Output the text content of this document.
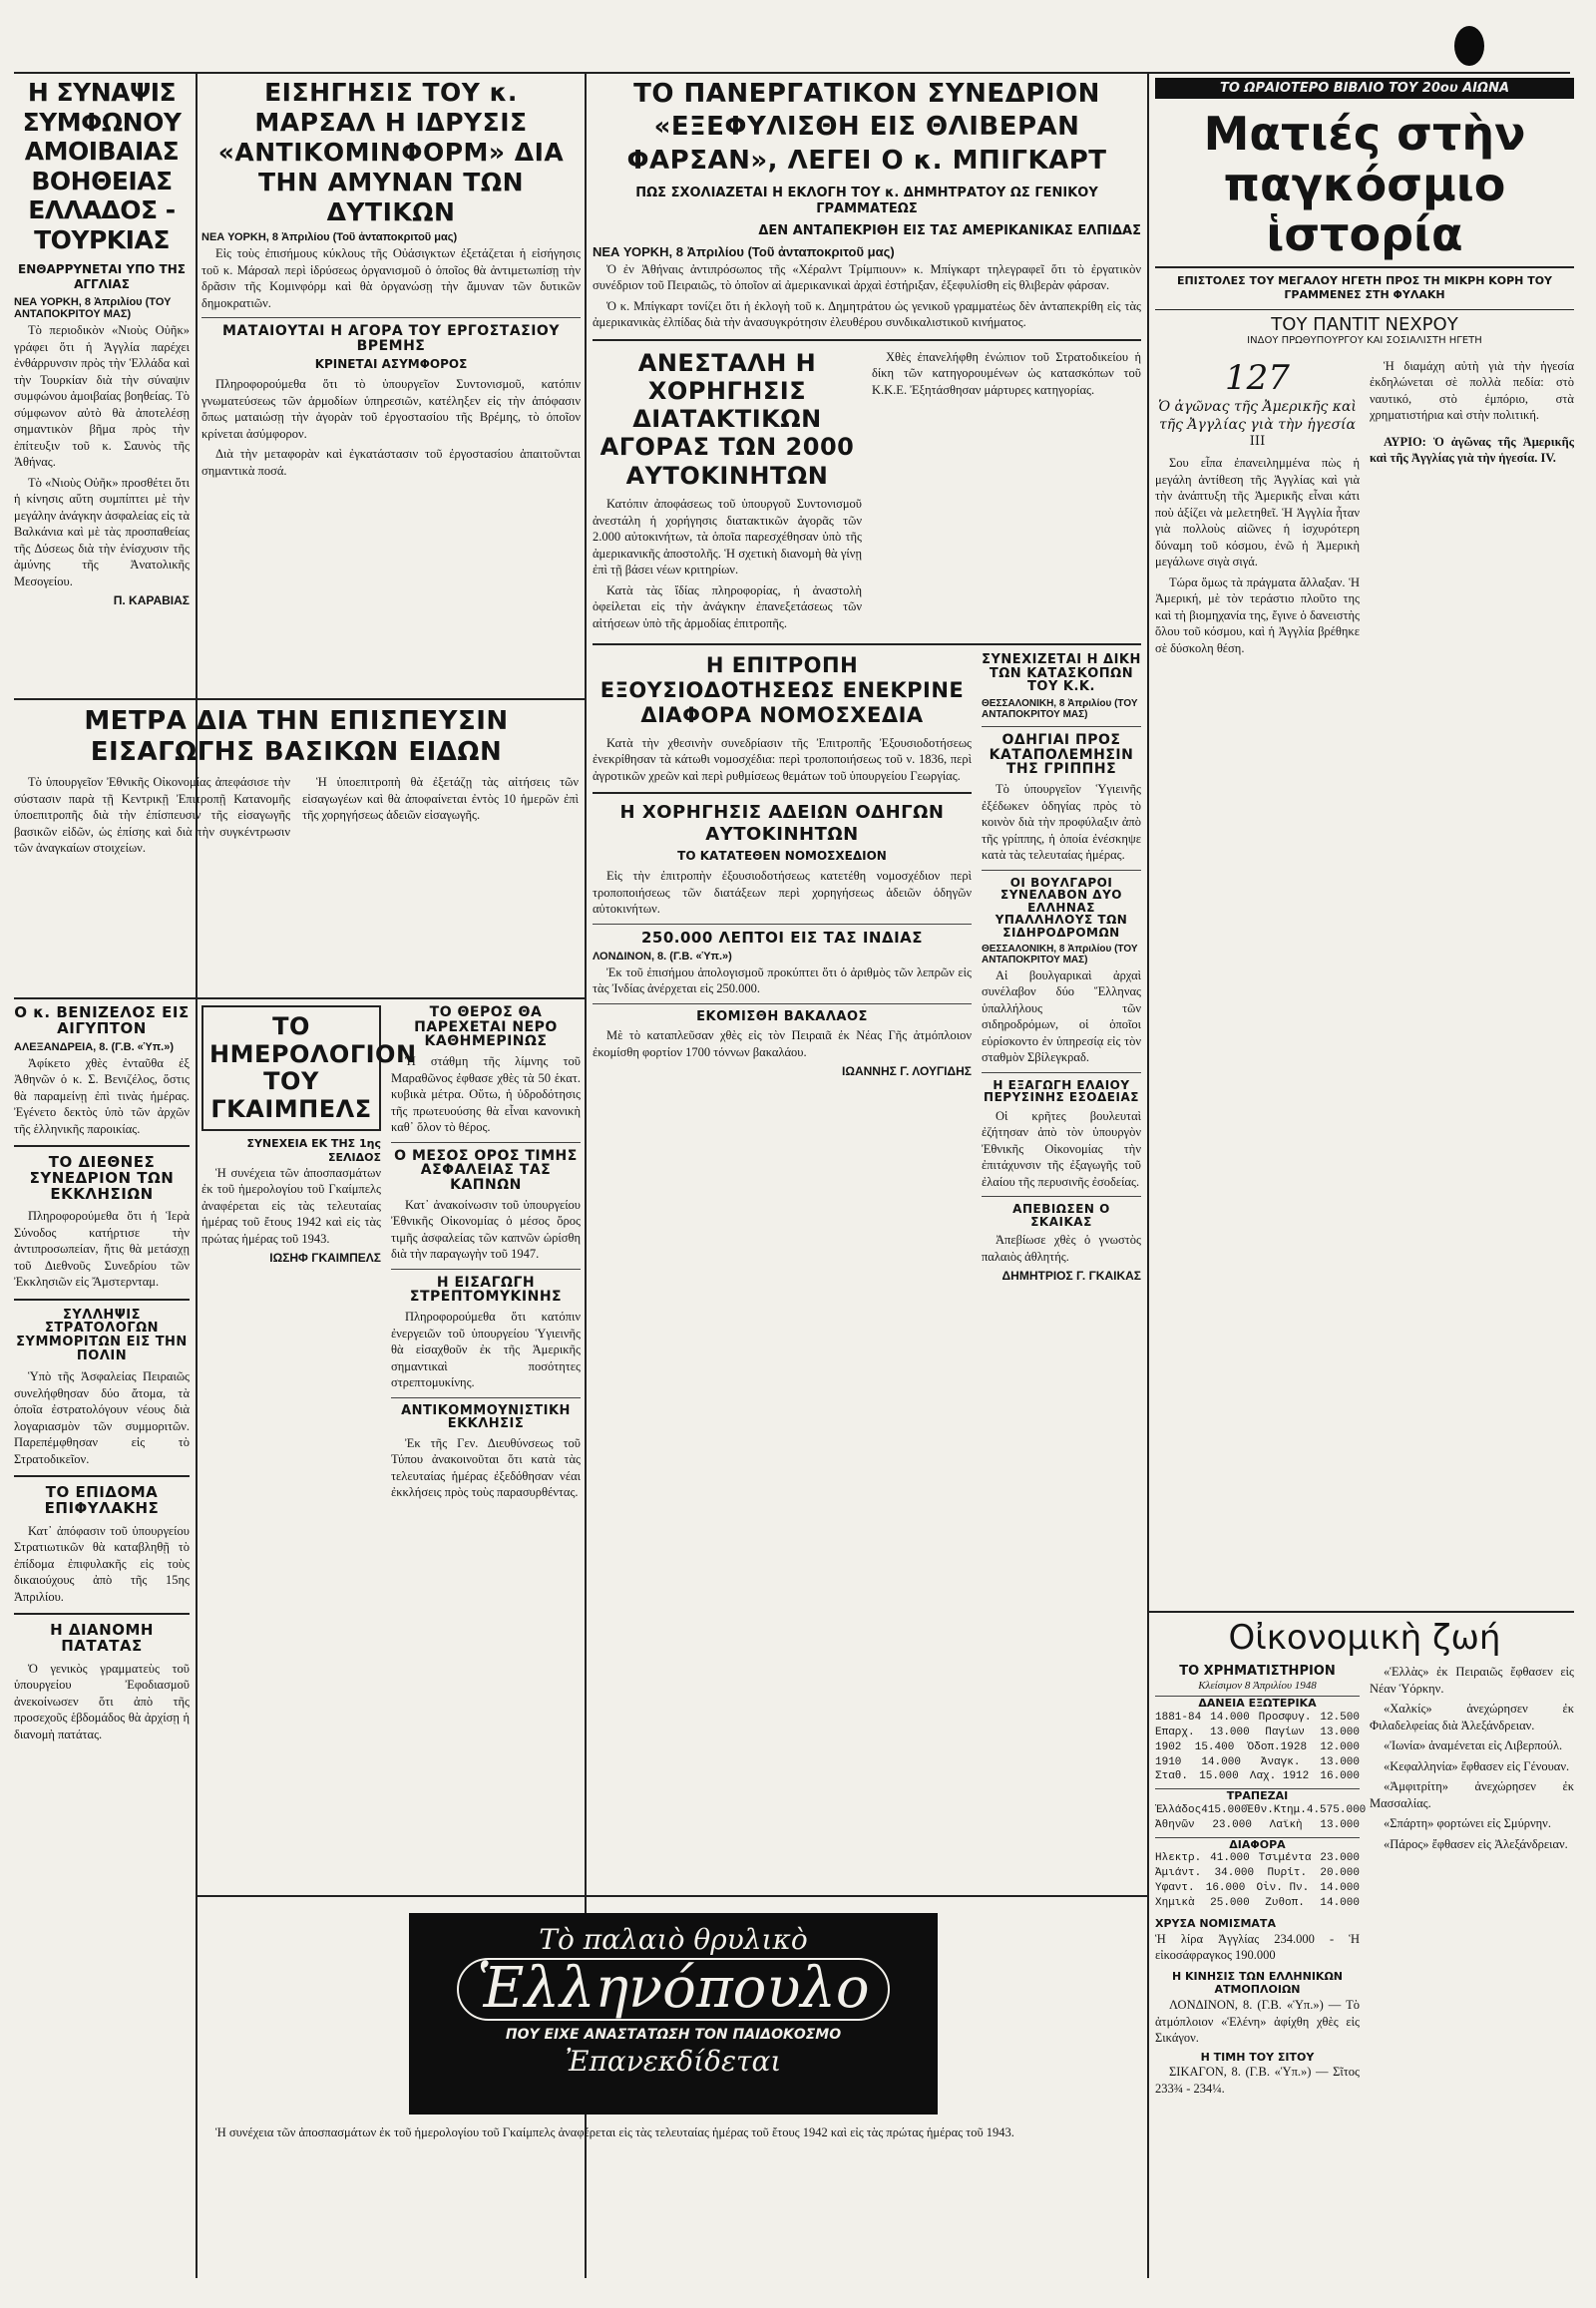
Η ΣΥΝΑΨΙΣ ΣΥΜΦΩΝΟΥ ΑΜΟΙΒΑΙΑΣ ΒΟΗΘΕΙΑΣ ΕΛΛΑΔΟΣ - ΤΟΥΡΚΙΑΣ
ΕΝΘΑΡΡΥΝΕΤΑΙ ΥΠΟ ΤΗΣ ΑΓΓΛΙΑΣ
ΝΕΑ ΥΟΡΚΗ, 8 Ἀπριλίου (ΤΟΥ ΑΝΤΑΠΟΚΡΙΤΟΥ ΜΑΣ)

Τὸ περιοδικὸν «Νιοὺς Οὐῆκ» γράφει ὅτι ἡ Ἀγγλία παρέχει ἐνθάρρυνσιν πρὸς τὴν Ἑλλάδα καὶ τὴν Τουρκίαν διὰ τὴν σύναψιν συμφώνου ἀμοιβαίας βοηθείας. Τὸ σύμφωνον αὐτὸ θὰ ἀποτελέσῃ σημαντικὸν βῆμα πρὸς τὴν ἐπίτευξιν τοῦ κ. Σαυνὸς τῆς Ἀθήνας.

Τὸ «Νιοὺς Οὐῆκ» προσθέτει ὅτι ἡ κίνησις αὕτη συμπίπτει μὲ τὴν μεγάλην ἀνάγκην ἀσφαλείας εἰς τὰ Βαλκάνια καὶ μὲ τὰς προσπαθείας τῆς Δύσεως διὰ τὴν ἐνίσχυσιν τῆς ἀμύνης τῆς Ἀνατολικῆς Μεσογείου.

Π. ΚΑΡΑΒΙΑΣ
ΜΕΤΡΑ ΔΙΑ ΤΗΝ ΕΠΙΣΠΕΥΣΙΝ ΕΙΣΑΓΩΓΗΣ ΒΑΣΙΚΩΝ ΕΙΔΩΝ

Τὸ ὑπουργεῖον Ἐθνικῆς Οἰκονομίας ἀπεφάσισε τὴν σύστασιν παρὰ τῇ Κεντρικῇ Ἐπιτροπῇ Κατανομῆς ὑποεπιτροπῆς διὰ τὴν ἐπίσπευσιν τῆς εἰσαγωγῆς βασικῶν εἰδῶν, ὡς ἐπίσης καὶ διὰ τὴν συγκέντρωσιν τῶν ἀναγκαίων στοιχείων.

Ἡ ὑποεπιτροπὴ θὰ ἐξετάζῃ τὰς αἰτήσεις τῶν εἰσαγωγέων καὶ θὰ ἀποφαίνεται ἐντὸς 10 ἡμερῶν ἐπὶ τῆς χορηγήσεως ἀδειῶν εἰσαγωγῆς.

Ο κ. ΒΕΝΙΖΕΛΟΣ ΕΙΣ ΑΙΓΥΠΤΟΝ
ΑΛΕΞΑΝΔΡΕΙΑ, 8. (Γ.Β. «Ὑπ.»)

Ἀφίκετο χθὲς ἐνταῦθα ἐξ Ἀθηνῶν ὁ κ. Σ. Βενιζέλος, ὅστις θὰ παραμείνῃ ἐπὶ τινὰς ἡμέρας. Ἐγένετο δεκτὸς ὑπὸ τῶν ἀρχῶν τῆς ἑλληνικῆς παροικίας.

ΤΟ ΔΙΕΘΝΕΣ ΣΥΝΕΔΡΙΟΝ ΤΩΝ ΕΚΚΛΗΣΙΩΝ

Πληροφορούμεθα ὅτι ἡ Ἱερὰ Σύνοδος κατήρτισε τὴν ἀντιπροσωπείαν, ἥτις θὰ μετάσχῃ τοῦ Διεθνοῦς Συνεδρίου τῶν Ἐκκλησιῶν εἰς Ἄμστερνταμ.

ΣΥΛΛΗΨΙΣ ΣΤΡΑΤΟΛΟΓΩΝ ΣΥΜΜΟΡΙΤΩΝ ΕΙΣ ΤΗΝ ΠΟΛΙΝ

Ὑπὸ τῆς Ἀσφαλείας Πειραιῶς συνελήφθησαν δύο ἄτομα, τὰ ὁποῖα ἐστρατολόγουν νέους διὰ λογαριασμὸν τῶν συμμοριτῶν. Παρεπέμφθησαν εἰς τὸ Στρατοδικεῖον.

ΤΟ ΕΠΙΔΟΜΑ ΕΠΙΦΥΛΑΚΗΣ

Κατ᾽ ἀπόφασιν τοῦ ὑπουργείου Στρατιωτικῶν θὰ καταβληθῇ τὸ ἐπίδομα ἐπιφυλακῆς εἰς τοὺς δικαιούχους ἀπὸ τῆς 15ης Ἀπριλίου.

Η ΔΙΑΝΟΜΗ ΠΑΤΑΤΑΣ

Ὁ γενικὸς γραμματεὺς τοῦ ὑπουργείου Ἐφοδιασμοῦ ἀνεκοίνωσεν ὅτι ἀπὸ τῆς προσεχοῦς ἑβδομάδος θὰ ἀρχίσῃ ἡ διανομὴ πατάτας.

ΕΙΣΗΓΗΣΙΣ ΤΟΥ κ. ΜΑΡΣΑΛ Η ΙΔΡΥΣΙΣ «ΑΝΤΙΚΟΜΙΝΦΟΡΜ» ΔΙΑ ΤΗΝ ΑΜΥΝΑΝ ΤΩΝ ΔΥΤΙΚΩΝ
ΝΕΑ ΥΟΡΚΗ, 8 Ἀπριλίου (Τοῦ ἀνταποκριτοῦ μας)

Εἰς τοὺς ἐπισήμους κύκλους τῆς Οὐάσιγκτων ἐξετάζεται ἡ εἰσήγησις τοῦ κ. Μάρσαλ περὶ ἱδρύσεως ὀργανισμοῦ ὁ ὁποῖος θὰ ἀντιμετωπίσῃ τὴν δρᾶσιν τῆς Κομινφόρμ καὶ θὰ ὀργανώσῃ τὴν ἄμυναν τῶν δυτικῶν δημοκρατιῶν.

ΜΑΤΑΙΟΥΤΑΙ Η ΑΓΟΡΑ ΤΟΥ ΕΡΓΟΣΤΑΣΙΟΥ ΒΡΕΜΗΣ
ΚΡΙΝΕΤΑΙ ΑΣΥΜΦΟΡΟΣ

Πληροφορούμεθα ὅτι τὸ ὑπουργεῖον Συντονισμοῦ, κατόπιν γνωματεύσεως τῶν ἁρμοδίων ὑπηρεσιῶν, κατέληξεν εἰς τὴν ἀπόφασιν ὅπως ματαιώσῃ τὴν ἀγορὰν τοῦ ἐργοστασίου τῆς Βρέμης, τὸ ὁποῖον κρίνεται ἀσύμφορον.

Διὰ τὴν μεταφορὰν καὶ ἐγκατάστασιν τοῦ ἐργοστασίου ἀπαιτοῦνται σημαντικὰ ποσά.

ΤΟ ΗΜΕΡΟΛΟΓΙΟΝ ΤΟΥ ΓΚΑΙΜΠΕΛΣ
ΣΥΝΕΧΕΙΑ ΕΚ ΤΗΣ 1ης ΣΕΛΙΔΟΣ

Ἡ συνέχεια τῶν ἀποσπασμάτων ἐκ τοῦ ἡμερολογίου τοῦ Γκαίμπελς ἀναφέρεται εἰς τὰς τελευταίας ἡμέρας τοῦ ἔτους 1942 καὶ εἰς τὰς πρώτας ἡμέρας τοῦ 1943.

ΙΩΣΗΦ ΓΚΑΙΜΠΕΛΣ
ΤΟ ΘΕΡΟΣ ΘΑ ΠΑΡΕΧΕΤΑΙ ΝΕΡΟ ΚΑΘΗΜΕΡΙΝΩΣ

Ἡ στάθμη τῆς λίμνης τοῦ Μαραθῶνος ἐφθασε χθὲς τὰ 50 ἑκατ. κυβικὰ μέτρα. Οὕτω, ἡ ὑδροδότησις τῆς πρωτευούσης θὰ εἶναι κανονικὴ καθ᾽ ὅλον τὸ θέρος.

Ο ΜΕΣΟΣ ΟΡΟΣ ΤΙΜΗΣ ΑΣΦΑΛΕΙΑΣ ΤΑΣ ΚΑΠΝΩΝ

Κατ᾽ ἀνακοίνωσιν τοῦ ὑπουργείου Ἐθνικῆς Οἰκονομίας ὁ μέσος ὅρος τιμῆς ἀσφαλείας τῶν καπνῶν ὡρίσθη διὰ τὴν παραγωγὴν τοῦ 1947.

Η ΕΙΣΑΓΩΓΗ ΣΤΡΕΠΤΟΜΥΚΙΝΗΣ

Πληροφορούμεθα ὅτι κατόπιν ἐνεργειῶν τοῦ ὑπουργείου Ὑγιεινῆς θὰ εἰσαχθοῦν ἐκ τῆς Ἀμερικῆς σημαντικαὶ ποσότητες στρεπτομυκίνης.

ΑΝΤΙΚΟΜΜΟΥΝΙΣΤΙΚΗ ΕΚΚΛΗΣΙΣ

Ἐκ τῆς Γεν. Διευθύνσεως τοῦ Τύπου ἀνακοινοῦται ὅτι κατὰ τὰς τελευταίας ἡμέρας ἐξεδόθησαν νέαι ἐκκλήσεις πρὸς τοὺς παρασυρθέντας.

ΤΟ ΠΑΝΕΡΓΑΤΙΚΟΝ ΣΥΝΕΔΡΙΟΝ «ΕΞΕΦΥΛΙΣΘΗ ΕΙΣ ΘΛΙΒΕΡΑΝ ΦΑΡΣΑΝ», ΛΕΓΕΙ Ο κ. ΜΠΙΓΚΑΡΤ
ΠΩΣ ΣΧΟΛΙΑΖΕΤΑΙ Η ΕΚΛΟΓΗ ΤΟΥ κ. ΔΗΜΗΤΡΑΤΟΥ ΩΣ ΓΕΝΙΚΟΥ ΓΡΑΜΜΑΤΕΩΣ
ΔΕΝ ΑΝΤΑΠΕΚΡΙΘΗ ΕΙΣ ΤΑΣ ΑΜΕΡΙΚΑΝΙΚΑΣ ΕΛΠΙΔΑΣ
ΝΕΑ ΥΟΡΚΗ, 8 Ἀπριλίου (Τοῦ ἀνταποκριτοῦ μας)

Ὁ ἐν Ἀθήναις ἀντιπρόσωπος τῆς «Χέραλντ Τρίμπιουν» κ. Μπίγκαρτ τηλεγραφεῖ ὅτι τὸ ἐργατικὸν συνέδριον τοῦ Πειραιῶς, τὸ ὁποῖον αἱ ἀμερικανικαὶ ἀρχαὶ ἐστήριξαν, ἐξεφυλίσθη εἰς θλιβερὰν φάρσαν.

Ὁ κ. Μπίγκαρτ τονίζει ὅτι ἡ ἐκλογὴ τοῦ κ. Δημητράτου ὡς γενικοῦ γραμματέως δὲν ἀνταπεκρίθη εἰς τὰς ἀμερικανικὰς ἐλπίδας διὰ τὴν ἀνασυγκρότησιν ἐλευθέρου συνδικαλιστικοῦ κινήματος.

ΑΝΕΣΤΑΛΗ Η ΧΟΡΗΓΗΣΙΣ ΔΙΑΤΑΚΤΙΚΩΝ ΑΓΟΡΑΣ ΤΩΝ 2000 ΑΥΤΟΚΙΝΗΤΩΝ

Κατόπιν ἀποφάσεως τοῦ ὑπουργοῦ Συντονισμοῦ ἀνεστάλη ἡ χορήγησις διατακτικῶν ἀγορᾶς τῶν 2.000 αὐτοκινήτων, τὰ ὁποῖα παρεσχέθησαν ὑπὸ τῆς ἀμερικανικῆς ἀποστολῆς. Ἡ σχετικὴ διανομὴ θὰ γίνῃ ἐπὶ τῇ βάσει νέων κριτηρίων.

Κατὰ τὰς ἴδίας πληροφορίας, ἡ ἀναστολὴ ὀφείλεται εἰς τὴν ἀνάγκην ἐπανεξετάσεως τῶν αἰτήσεων ὑπὸ τῆς ἁρμοδίας ἐπιτροπῆς.

Χθὲς ἐπανελήφθη ἐνώπιον τοῦ Στρατοδικείου ἡ δίκη τῶν κατηγορουμένων ὡς κατασκόπων τοῦ Κ.Κ.Ε. Ἐξητάσθησαν μάρτυρες κατηγορίας.

Η ΕΠΙΤΡΟΠΗ ΕΞΟΥΣΙΟΔΟΤΗΣΕΩΣ ΕΝΕΚΡΙΝΕ ΔΙΑΦΟΡΑ ΝΟΜΟΣΧΕΔΙΑ

Κατὰ τὴν χθεσινὴν συνεδρίασιν τῆς Ἐπιτροπῆς Ἐξουσιοδοτήσεως ἐνεκρίθησαν τὰ κάτωθι νομοσχέδια: περὶ τροποποιήσεως τοῦ ν. 1836, περὶ ἀγροτικῶν χρεῶν καὶ περὶ ρυθμίσεως θεμάτων τοῦ ὑπουργείου Γεωργίας.

Η ΧΟΡΗΓΗΣΙΣ ΑΔΕΙΩΝ ΟΔΗΓΩΝ ΑΥΤΟΚΙΝΗΤΩΝ
ΤΟ ΚΑΤΑΤΕΘΕΝ ΝΟΜΟΣΧΕΔΙΟΝ

Εἰς τὴν ἐπιτροπὴν ἐξουσιοδοτήσεως κατετέθη νομοσχέδιον περὶ τροποποιήσεως τῶν διατάξεων περὶ χορηγήσεως ἀδειῶν ὁδηγῶν αὐτοκινήτων.

250.000 ΛΕΠΤΟΙ ΕΙΣ ΤΑΣ ΙΝΔΙΑΣ
ΛΟΝΔΙΝΟΝ, 8. (Γ.Β. «Ὑπ.»)

Ἐκ τοῦ ἐπισήμου ἀπολογισμοῦ προκύπτει ὅτι ὁ ἀριθμὸς τῶν λεπρῶν εἰς τὰς Ἰνδίας ἀνέρχεται εἰς 250.000.

ΕΚΟΜΙΣΘΗ ΒΑΚΑΛΑΟΣ

Μὲ τὸ καταπλεῦσαν χθὲς εἰς τὸν Πειραιᾶ ἐκ Νέας Γῆς ἀτμόπλοιον ἐκομίσθη φορτίον 1700 τόννων βακαλάου.

ΙΩΑΝΝΗΣ Γ. ΛΟΥΓΙΔΗΣ
ΣΥΝΕΧΙΖΕΤΑΙ Η ΔΙΚΗ ΤΩΝ ΚΑΤΑΣΚΟΠΩΝ ΤΟΥ Κ.Κ.
ΘΕΣΣΑΛΟΝΙΚΗ, 8 Ἀπριλίου (ΤΟΥ ΑΝΤΑΠΟΚΡΙΤΟΥ ΜΑΣ)
ΟΔΗΓΙΑΙ ΠΡΟΣ ΚΑΤΑΠΟΛΕΜΗΣΙΝ ΤΗΣ ΓΡΙΠΠΗΣ

Τὸ ὑπουργεῖον Ὑγιεινῆς ἐξέδωκεν ὁδηγίας πρὸς τὸ κοινὸν διὰ τὴν προφύλαξιν ἀπὸ τῆς γρίππης, ἡ ὁποία ἐνέσκηψε κατὰ τὰς τελευταίας ἡμέρας.

ΟΙ ΒΟΥΛΓΑΡΟΙ ΣΥΝΕΛΑΒΟΝ ΔΥΟ ΕΛΛΗΝΑΣ ΥΠΑΛΛΗΛΟΥΣ ΤΩΝ ΣΙΔΗΡΟΔΡΟΜΩΝ
ΘΕΣΣΑΛΟΝΙΚΗ, 8 Ἀπριλίου (ΤΟΥ ΑΝΤΑΠΟΚΡΙΤΟΥ ΜΑΣ)

Αἱ βουλγαρικαὶ ἀρχαὶ συνέλαβον δύο Ἕλληνας ὑπαλλήλους τῶν σιδηροδρόμων, οἱ ὁποῖοι εὑρίσκοντο ἐν ὑπηρεσίᾳ εἰς τὸν σταθμὸν Σβίλεγκραδ.

Η ΕΞΑΓΩΓΗ ΕΛΑΙΟΥ ΠΕΡΥΣΙΝΗΣ ΕΣΟΔΕΙΑΣ

Οἱ κρῆτες βουλευταὶ ἐζήτησαν ἀπὸ τὸν ὑπουργὸν Ἐθνικῆς Οἰκονομίας τὴν ἐπιτάχυνσιν τῆς ἐξαγωγῆς τοῦ ἐλαίου τῆς περυσινῆς ἐσοδείας.

ΑΠΕΒΙΩΣΕΝ Ο ΣΚΑΙΚΑΣ

Ἀπεβίωσε χθὲς ὁ γνωστὸς παλαιὸς ἀθλητής.

ΔΗΜΗΤΡΙΟΣ Γ. ΓΚΑΙΚΑΣ
ΤΟ ΩΡΑΙΟΤΕΡΟ ΒΙΒΛΙΟ ΤΟΥ 20ου ΑΙΩΝΑ
Ματιές στὴν παγκόσμιο ἱστορία
ΕΠΙΣΤΟΛΕΣ ΤΟΥ ΜΕΓΑΛΟΥ ΗΓΕΤΗ ΠΡΟΣ ΤΗ ΜΙΚΡΗ ΚΟΡΗ ΤΟΥ ΓΡΑΜΜΕΝΕΣ ΣΤΗ ΦΥΛΑΚΗ
ΤΟΥ ΠΑΝΤΙΤ ΝΕΧΡΟΥ
ΙΝΔΟΥ ΠΡΩΘΥΠΟΥΡΓΟΥ ΚΑΙ ΣΟΣΙΑΛΙΣΤΗ ΗΓΕΤΗ
127
Ὁ ἀγῶνας τῆς Ἀμερικῆς καὶ τῆς Ἀγγλίας γιὰ τὴν ἡγεσία
III

Σου εἶπα ἐπανειλημμένα πὼς ἡ μεγάλη ἀντίθεση τῆς Ἀγγλίας καὶ γιὰ τὴν ἀνάπτυξη τῆς Ἀμερικῆς εἶναι κάτι ποὺ ἀξίζει νὰ μελετηθεῖ. Ἡ Ἀγγλία ἦταν γιὰ πολλοὺς αἰῶνες ἡ ἰσχυρότερη δύναμη τοῦ κόσμου, ἐνῶ ἡ Ἀμερικὴ μεγάλωνε σιγὰ σιγά.

Τώρα ὅμως τὰ πράγματα ἄλλαξαν. Ἡ Ἀμερική, μὲ τὸν τεράστιο πλοῦτο της καὶ τὴ βιομηχανία της, ἔγινε ὁ δανειστὴς ὅλου τοῦ κόσμου, καὶ ἡ Ἀγγλία βρέθηκε σὲ δύσκολη θέση.

Ἡ διαμάχη αὐτὴ γιὰ τὴν ἡγεσία ἐκδηλώνεται σὲ πολλὰ πεδία: στὸ ναυτικό, στὸ ἐμπόριο, στὰ χρηματιστήρια καὶ στὴν πολιτική.

ΑΥΡΙΟ: Ὁ ἀγῶνας τῆς Ἀμερικῆς καὶ τῆς Ἀγγλίας γιὰ τὴν ἡγεσία. IV.

Οἰκονομικὴ ζωή
ΤΟ ΧΡΗΜΑΤΙΣΤΗΡΙΟΝ
Κλείσιμον 8 Ἀπριλίου 1948
ΔΑΝΕΙΑ ΕΞΩΤΕΡΙΚΑ
1881-84 14.000 Προσφυγ. 12.500
Ἐπαρχ. 13.000 Παγίων 13.000
1902 15.400 Ὁδοπ.1928 12.000
1910 14.000 Ἀναγκ. 13.000
Σταθ. 15.000 Λαχ. 1912 16.000
ΤΡΑΠΕΖΑΙ
Ἑλλάδος 415.000 Ἐθν.Κτημ. 4.575.000
Ἀθηνῶν 23.000 Λαϊκὴ 13.000
ΔΙΑΦΟΡΑ
Ἠλεκτρ. 41.000 Τσιμέντα 23.000
Ἀμιάντ. 34.000 Πυρίτ. 20.000
Ὑφαντ. 16.000 Οἰν. Πν. 14.000
Χημικὰ 25.000 Ζυθοπ. 14.000
ΧΡΥΣΑ ΝΟΜΙΣΜΑΤΑ

Ἡ λίρα Ἀγγλίας 234.000 - Ἡ εἰκοσάφραγκος 190.000

Η ΚΙΝΗΣΙΣ ΤΩΝ ΕΛΛΗΝΙΚΩΝ ΑΤΜΟΠΛΟΙΩΝ

ΛΟΝΔΙΝΟΝ, 8. (Γ.Β. «Ὑπ.») — Τὸ ἀτμόπλοιον «Ἑλένη» ἀφίχθη χθὲς εἰς Σικάγον.

Η ΤΙΜΗ ΤΟΥ ΣΙΤΟΥ

ΣΙΚΑΓΟΝ, 8. (Γ.Β. «Ὑπ.») — Σῖτος 233¾ - 234¼.

«Ἑλλὰς» ἐκ Πειραιῶς ἔφθασεν εἰς Νέαν Ὑόρκην.

«Χαλκίς» ἀνεχώρησεν ἐκ Φιλαδελφείας διὰ Ἀλεξάνδρειαν.

«Ἰωνία» ἀναμένεται εἰς Λιβερπούλ.

«Κεφαλληνία» ἔφθασεν εἰς Γένουαν.

«Ἀμφιτρίτη» ἀνεχώρησεν ἐκ Μασσαλίας.

«Σπάρτη» φορτώνει εἰς Σμύρνην.

«Πάρος» ἔφθασεν εἰς Ἀλεξάνδρειαν.

Τὸ παλαιὸ θρυλικὸ
Ἑλληνόπουλο
ΠΟΥ ΕΙΧΕ ΑΝΑΣΤΑΤΩΣΗ ΤΟΝ ΠΑΙΔΟΚΟΣΜΟ
Ἐπανεκδίδεται

Ἡ συνέχεια τῶν ἀποσπασμάτων ἐκ τοῦ ἡμερολογίου τοῦ Γκαίμπελς ἀναφέρεται εἰς τὰς τελευταίας ἡμέρας τοῦ ἔτους 1942 καὶ εἰς τὰς πρώτας ἡμέρας τοῦ 1943.
